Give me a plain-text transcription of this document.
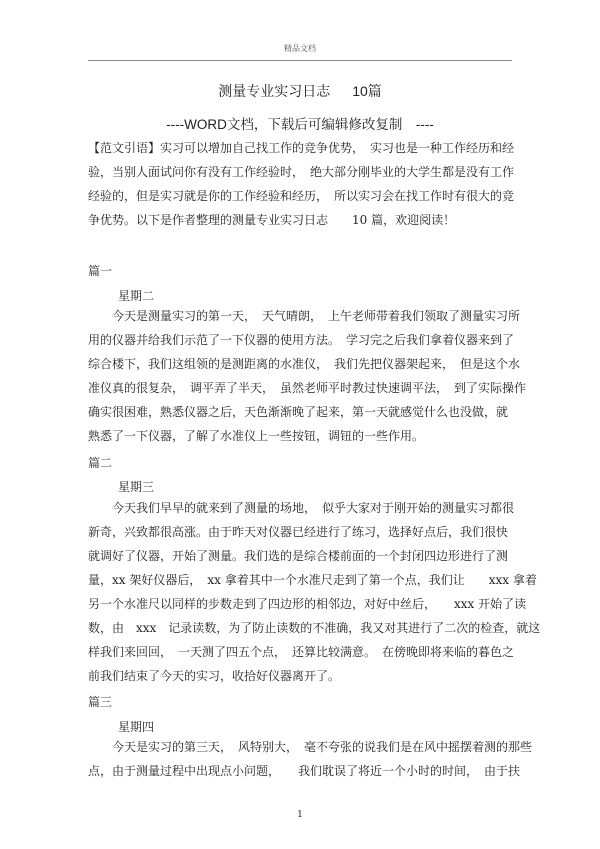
精品文档
测量专业实习日志 10篇
----WORD文档，下载后可编辑修改复制　 ----

【范文引语】实习可以增加自己找工作的竞争优势，　实习也是一种工作经历和经

验，当别人面试问你有没有工作经验时，　绝大部分刚毕业的大学生都是没有工作

经验的，但是实习就是你的工作经验和经历，　所以实习会在找工作时有很大的竞

争优势。以下是作者整理的测量专业实习日志　　10 篇，欢迎阅读！

篇一
星期二

　　今天是测量实习的第一天，　天气晴朗，　上午老师带着我们领取了测量实习所

用的仪器并给我们示范了一下仪器的使用方法。　学习完之后我们拿着仪器来到了

综合楼下，我们这组领的是测距离的水准仪，　我们先把仪器架起来，　但是这个水

准仪真的很复杂，　调平弄了半天，　虽然老师平时教过快速调平法，　到了实际操作

确实很困难，熟悉仪器之后，天色渐渐晚了起来，第一天就感觉什么也没做，就

熟悉了一下仪器，了解了水准仪上一些按钮，调钮的一些作用。

篇二
星期三

　　今天我们早早的就来到了测量的场地，　似乎大家对于刚开始的测量实习都很

新奇，兴致都很高涨。由于昨天对仪器已经进行了练习，选择好点后，我们很快

就调好了仪器，开始了测量。我们选的是综合楼前面的一个封闭四边形进行了测

量，xx 架好仪器后，　xx 拿着其中一个水准尺走到了第一个点，我们让　　xxx 拿着

另一个水准尺以同样的步数走到了四边形的相邻边，对好中丝后，　　xxx 开始了读

数，由　xxx　记录读数，为了防止读数的不准确，我又对其进行了二次的检查，就这

样我们来回回，　一天测了四五个点，　还算比较满意。　在傍晚即将来临的暮色之

前我们结束了今天的实习，收拾好仪器离开了。

篇三
星期四

　　今天是实习的第三天，　风特别大，　毫不夸张的说我们是在风中摇摆着测的那些

点，由于测量过程中出现点小问题，　　我们耽误了将近一个小时的时间，　由于扶

1
